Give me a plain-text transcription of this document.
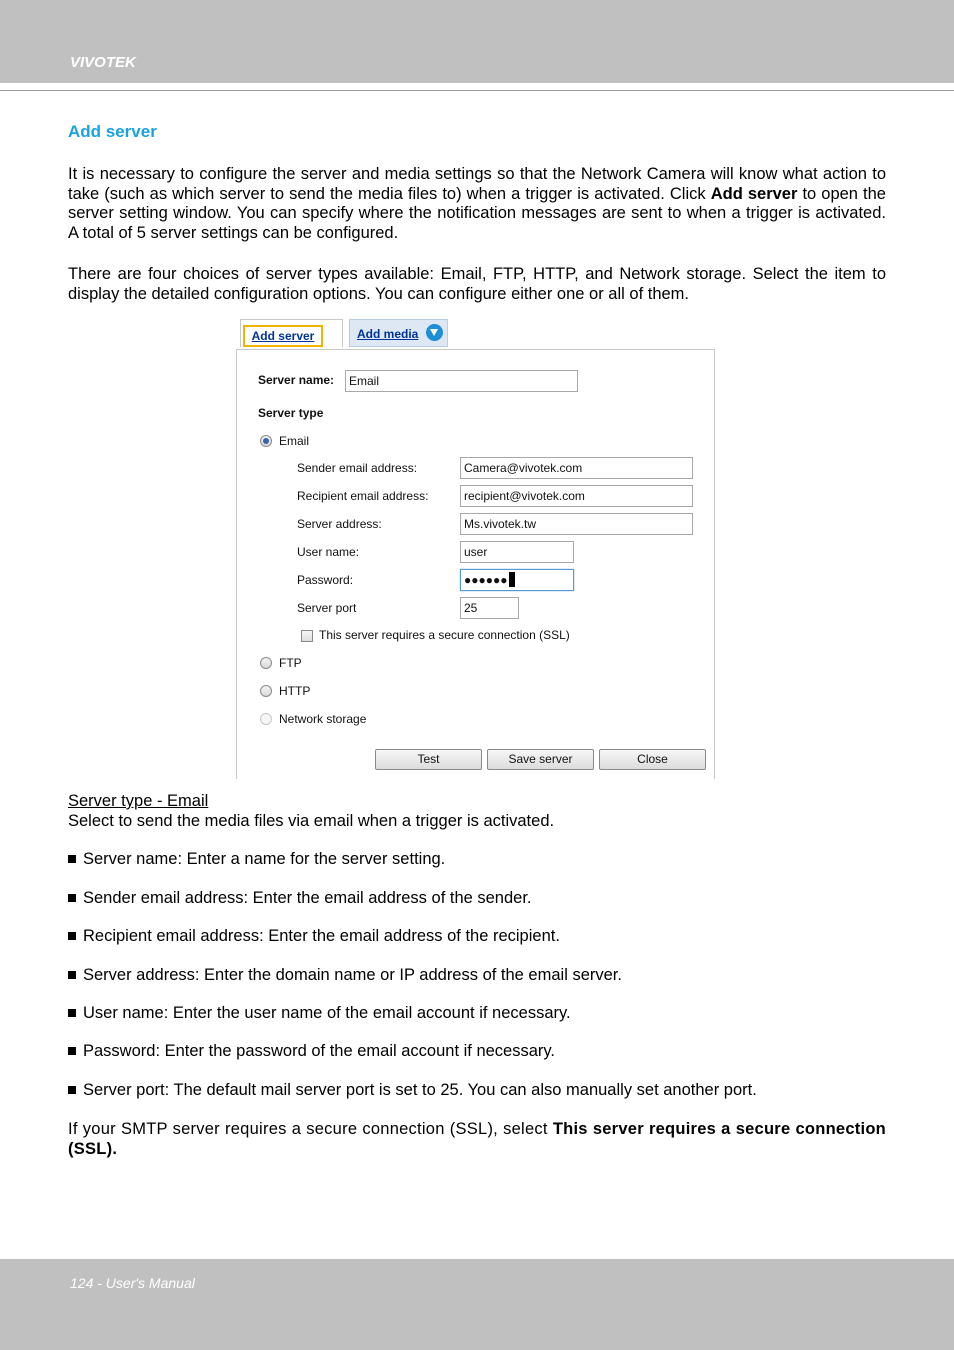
VIVOTEK
Add server

It is necessary to configure the server and media settings so that the Network Camera will know what action to take (such as which server to send the media files to) when a trigger is activated. Click Add server to open the server setting window. You can specify where the notification messages are sent to when a trigger is activated. A total of 5 server settings can be configured.

There are four choices of server types available: Email, FTP, HTTP, and Network storage. Select the item to display the detailed configuration options. You can configure either one or all of them.

Add server	Add media
Server name:	Email
Server type
Email
Sender email address:	Camera@vivotek.com
Recipient email address:	recipient@vivotek.com
Server address:	Ms.vivotek.tw
User name:	user
Password:	●●●●●●
Server port	25
This server requires a secure connection (SSL)
FTP
HTTP
Network storage
Test	Save server	Close
Server type - Email
Select to send the media files via email when a trigger is activated.
Server name: Enter a name for the server setting.
Sender email address: Enter the email address of the sender.
Recipient email address: Enter the email address of the recipient.
Server address: Enter the domain name or IP address of the email server.
User name: Enter the user name of the email account if necessary.
Password: Enter the password of the email account if necessary.
Server port: The default mail server port is set to 25. You can also manually set another port.

If your SMTP server requires a secure connection (SSL), select This server requires a secure connection (SSL).

124 - User's Manual
